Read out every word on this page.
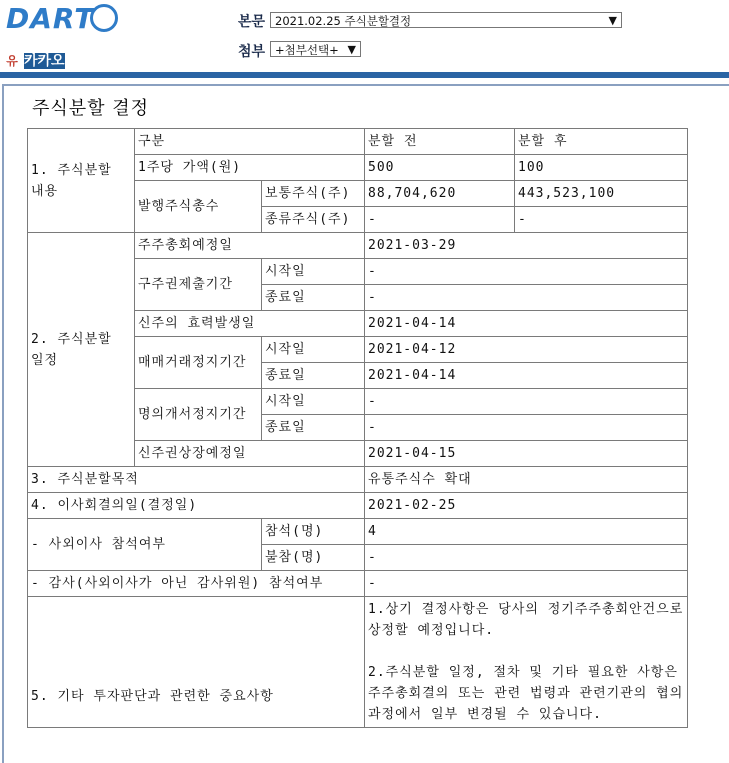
DART
유 카카오
본문 2021.02.25 주식분할결정	▼
첨부 +첨부선택+ ▼
주식분할 결정
1. 주식분할 내용	구분		분할 전	분할 후
	1주당 가액(원)		500	100
	발행주식총수	보통주식(주)	88,704,620	443,523,100
		종류주식(주)	-	-
2. 주식분할 일정	주주총회예정일		2021-03-29	
	구주권제출기간	시작일	-	
		종료일	-	
	신주의 효력발생일		2021-04-14	
	매매거래정지기간	시작일	2021-04-12	
		종료일	2021-04-14	
	명의개서정지기간	시작일	-	
		종료일	-	
	신주권상장예정일		2021-04-15	
3. 주식분할목적			유통주식수 확대	
4. 이사회결의일(결정일)			2021-02-25	
- 사외이사 참석여부		참석(명)	4	
		불참(명)	-	
- 감사(사외이사가 아닌 감사위원) 참석여부			-	
5. 기타 투자판단과 관련한 중요사항			1.상기 결정사항은 당사의 정기주주총회안건으로 상정할 예정입니다.
2.주식분할 일정, 절차 및 기타 필요한 사항은 주주총회결의 또는 관련 법령과 관련기관의 협의 과정에서 일부 변경될 수 있습니다.	
